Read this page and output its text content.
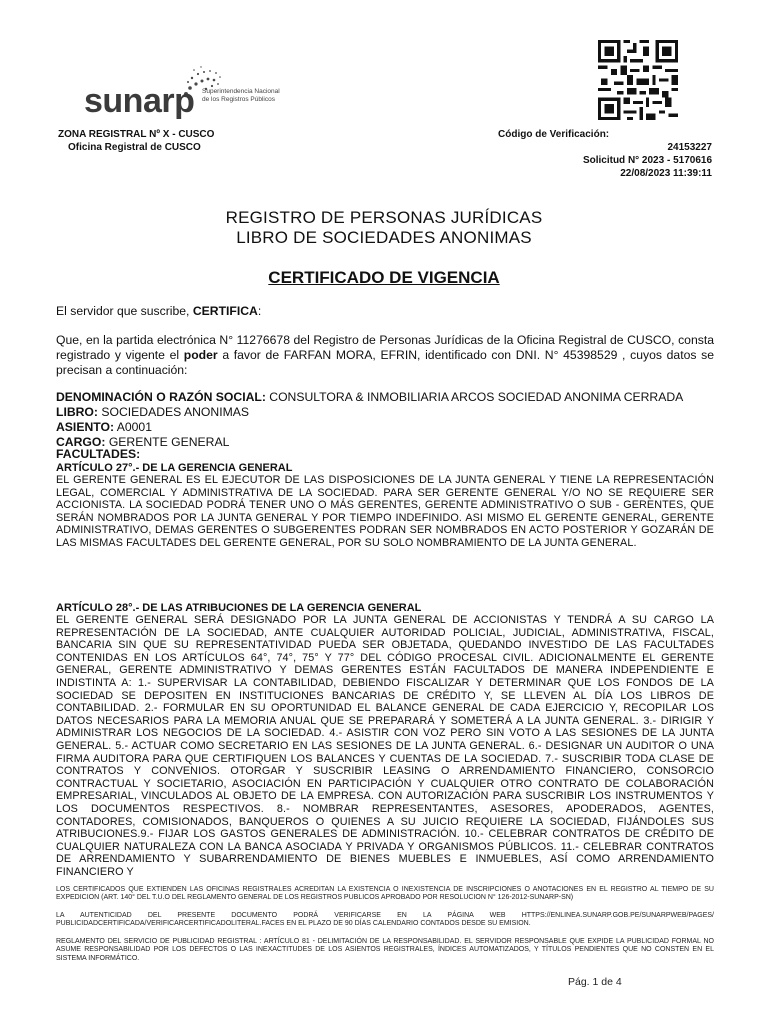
sunarp Superintendencia Nacional de los Registros Públicos
ZONA REGISTRAL Nº X - CUSCO
Oficina Registral de CUSCO
Código de Verificación:
24153227
Solicitud N° 2023 - 5170616
22/08/2023 11:39:11
REGISTRO DE PERSONAS JURÍDICAS
LIBRO DE SOCIEDADES ANONIMAS
CERTIFICADO DE VIGENCIA
El servidor que suscribe, CERTIFICA:
Que, en la partida electrónica N° 11276678 del Registro de Personas Jurídicas de la Oficina Registral de CUSCO, consta registrado y vigente el poder a favor de FARFAN MORA, EFRIN, identificado con DNI. N° 45398529 , cuyos datos se precisan a continuación:
DENOMINACIÓN O RAZÓN SOCIAL: CONSULTORA & INMOBILIARIA ARCOS SOCIEDAD ANONIMA CERRADA
LIBRO: SOCIEDADES ANONIMAS
ASIENTO: A0001
CARGO: GERENTE GENERAL
FACULTADES:
ARTÍCULO 27°.- DE LA GERENCIA GENERAL
EL GERENTE GENERAL ES EL EJECUTOR DE LAS DISPOSICIONES DE LA JUNTA GENERAL Y TIENE LA REPRESENTACIÓN LEGAL, COMERCIAL Y ADMINISTRATIVA DE LA SOCIEDAD. PARA SER GERENTE GENERAL Y/O NO SE REQUIERE SER ACCIONISTA. LA SOCIEDAD PODRÁ TENER UNO O MÁS GERENTES, GERENTE ADMINISTRATIVO O SUB - GERENTES, QUE SERÁN NOMBRADOS POR LA JUNTA GENERAL Y POR TIEMPO INDEFINIDO. ASI MISMO EL GERENTE GENERAL, GERENTE ADMINISTRATIVO, DEMAS GERENTES O SUBGERENTES PODRAN SER NOMBRADOS EN ACTO POSTERIOR Y GOZARÁN DE LAS MISMAS FACULTADES DEL GERENTE GENERAL, POR SU SOLO NOMBRAMIENTO DE LA JUNTA GENERAL.
ARTÍCULO 28°.- DE LAS ATRIBUCIONES DE LA GERENCIA GENERAL
EL GERENTE GENERAL SERÁ DESIGNADO POR LA JUNTA GENERAL DE ACCIONISTAS Y TENDRÁ A SU CARGO LA REPRESENTACIÓN DE LA SOCIEDAD, ANTE CUALQUIER AUTORIDAD POLICIAL, JUDICIAL, ADMINISTRATIVA, FISCAL, BANCARIA SIN QUE SU REPRESENTATIVIDAD PUEDA SER OBJETADA, QUEDANDO INVESTIDO DE LAS FACULTADES CONTENIDAS EN LOS ARTÍCULOS 64°, 74°, 75° Y 77° DEL CÓDIGO PROCESAL CIVIL. ADICIONALMENTE EL GERENTE GENERAL, GERENTE ADMINISTRATIVO Y DEMAS GERENTES ESTÁN FACULTADOS DE MANERA INDEPENDIENTE E INDISTINTA A: 1.- SUPERVISAR LA CONTABILIDAD, DEBIENDO FISCALIZAR Y DETERMINAR QUE LOS FONDOS DE LA SOCIEDAD SE DEPOSITEN EN INSTITUCIONES BANCARIAS DE CRÉDITO Y, SE LLEVEN AL DÍA LOS LIBROS DE CONTABILIDAD. 2.- FORMULAR EN SU OPORTUNIDAD EL BALANCE GENERAL DE CADA EJERCICIO Y, RECOPILAR LOS DATOS NECESARIOS PARA LA MEMORIA ANUAL QUE SE PREPARARÁ Y SOMETERÁ A LA JUNTA GENERAL. 3.- DIRIGIR Y ADMINISTRAR LOS NEGOCIOS DE LA SOCIEDAD. 4.- ASISTIR CON VOZ PERO SIN VOTO A LAS SESIONES DE LA JUNTA GENERAL. 5.- ACTUAR COMO SECRETARIO EN LAS SESIONES DE LA JUNTA GENERAL. 6.- DESIGNAR UN AUDITOR O UNA FIRMA AUDITORA PARA QUE CERTIFIQUEN LOS BALANCES Y CUENTAS DE LA SOCIEDAD. 7.- SUSCRIBIR TODA CLASE DE CONTRATOS Y CONVENIOS. OTORGAR Y SUSCRIBIR LEASING O ARRENDAMIENTO FINANCIERO, CONSORCIO CONTRACTUAL Y SOCIETARIO, ASOCIACIÓN EN PARTICIPACIÓN Y CUALQUIER OTRO CONTRATO DE COLABORACIÓN EMPRESARIAL, VINCULADOS AL OBJETO DE LA EMPRESA. CON AUTORIZACIÓN PARA SUSCRIBIR LOS INSTRUMENTOS Y LOS DOCUMENTOS RESPECTIVOS. 8.- NOMBRAR REPRESENTANTES, ASESORES, APODERADOS, AGENTES, CONTADORES, COMISIONADOS, BANQUEROS O QUIENES A SU JUICIO REQUIERE LA SOCIEDAD, FIJÁNDOLES SUS ATRIBUCIONES.9.- FIJAR LOS GASTOS GENERALES DE ADMINISTRACIÓN. 10.- CELEBRAR CONTRATOS DE CRÉDITO DE CUALQUIER NATURALEZA CON LA BANCA ASOCIADA Y PRIVADA Y ORGANISMOS PÚBLICOS. 11.- CELEBRAR CONTRATOS DE ARRENDAMIENTO Y SUBARRENDAMIENTO DE BIENES MUEBLES E INMUEBLES, ASÍ COMO ARRENDAMIENTO FINANCIERO Y
LOS CERTIFICADOS QUE EXTIENDEN LAS OFICINAS REGISTRALES ACREDITAN LA EXISTENCIA O INEXISTENCIA DE INSCRIPCIONES O ANOTACIONES EN EL REGISTRO AL TIEMPO DE SU EXPEDICION (ART. 140° DEL T.U.O DEL REGLAMENTO GENERAL DE LOS REGISTROS PUBLICOS APROBADO POR RESOLUCION N° 126-2012-SUNARP-SN)
LA AUTENTICIDAD DEL PRESENTE DOCUMENTO PODRÁ VERIFICARSE EN LA PÁGINA WEB HTTPS://ENLINEA.SUNARP.GOB.PE/SUNARPWEB/PAGES/ PUBLICIDADCERTIFICADA/VERIFICARCERTIFICADOLITERAL.FACES EN EL PLAZO DE 90 DÍAS CALENDARIO CONTADOS DESDE SU EMISION.
REGLAMENTO DEL SERVICIO DE PUBLICIDAD REGISTRAL : ARTÍCULO 81 - DELIMITACIÓN DE LA RESPONSABILIDAD. EL SERVIDOR RESPONSABLE QUE EXPIDE LA PUBLICIDAD FORMAL NO ASUME RESPONSABILIDAD POR LOS DEFECTOS O LAS INEXACTITUDES DE LOS ASIENTOS REGISTRALES, ÍNDICES AUTOMATIZADOS, Y TÍTULOS PENDIENTES QUE NO CONSTEN EN EL SISTEMA INFORMÁTICO.
Pág. 1 de 4
